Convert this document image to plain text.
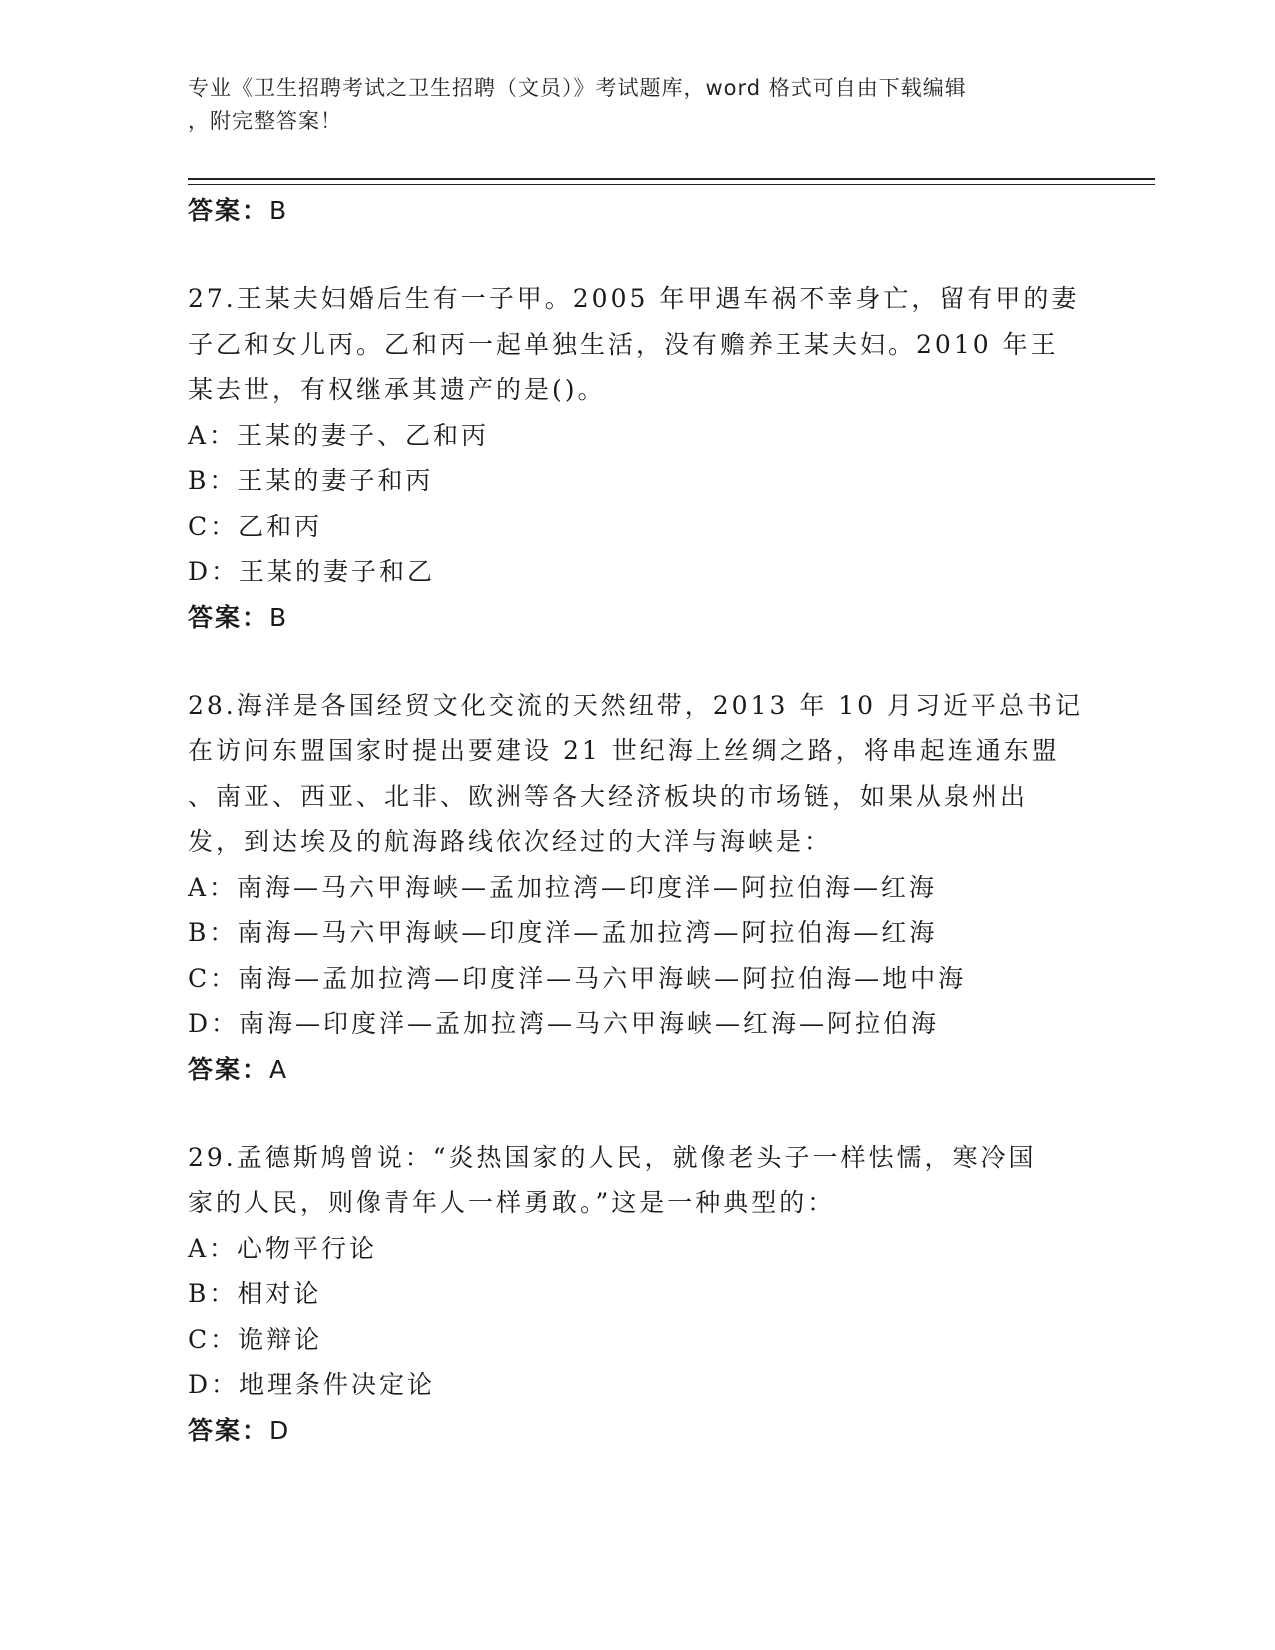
专业《卫生招聘考试之卫生招聘（文员）》考试题库，word 格式可自由下载编辑
，附完整答案！
答案：B
27.王某夫妇婚后生有一子甲。2005 年甲遇车祸不幸身亡，留有甲的妻
子乙和女儿丙。乙和丙一起单独生活，没有赡养王某夫妇。2010 年王
某去世，有权继承其遗产的是()。
A：王某的妻子、乙和丙
B：王某的妻子和丙
C：乙和丙
D：王某的妻子和乙
答案：B
28.海洋是各国经贸文化交流的天然纽带，2013 年 10 月习近平总书记
在访问东盟国家时提出要建设 21 世纪海上丝绸之路，将串起连通东盟
、南亚、西亚、北非、欧洲等各大经济板块的市场链，如果从泉州出
发，到达埃及的航海路线依次经过的大洋与海峡是：
A：南海—马六甲海峡—孟加拉湾—印度洋—阿拉伯海—红海
B：南海—马六甲海峡—印度洋—孟加拉湾—阿拉伯海—红海
C：南海—孟加拉湾—印度洋—马六甲海峡—阿拉伯海—地中海
D：南海—印度洋—孟加拉湾—马六甲海峡—红海—阿拉伯海
答案：A
29.孟德斯鸠曾说：“炎热国家的人民，就像老头子一样怯懦，寒冷国
家的人民，则像青年人一样勇敢。”这是一种典型的：
A：心物平行论
B：相对论
C：诡辩论
D：地理条件决定论
答案：D
